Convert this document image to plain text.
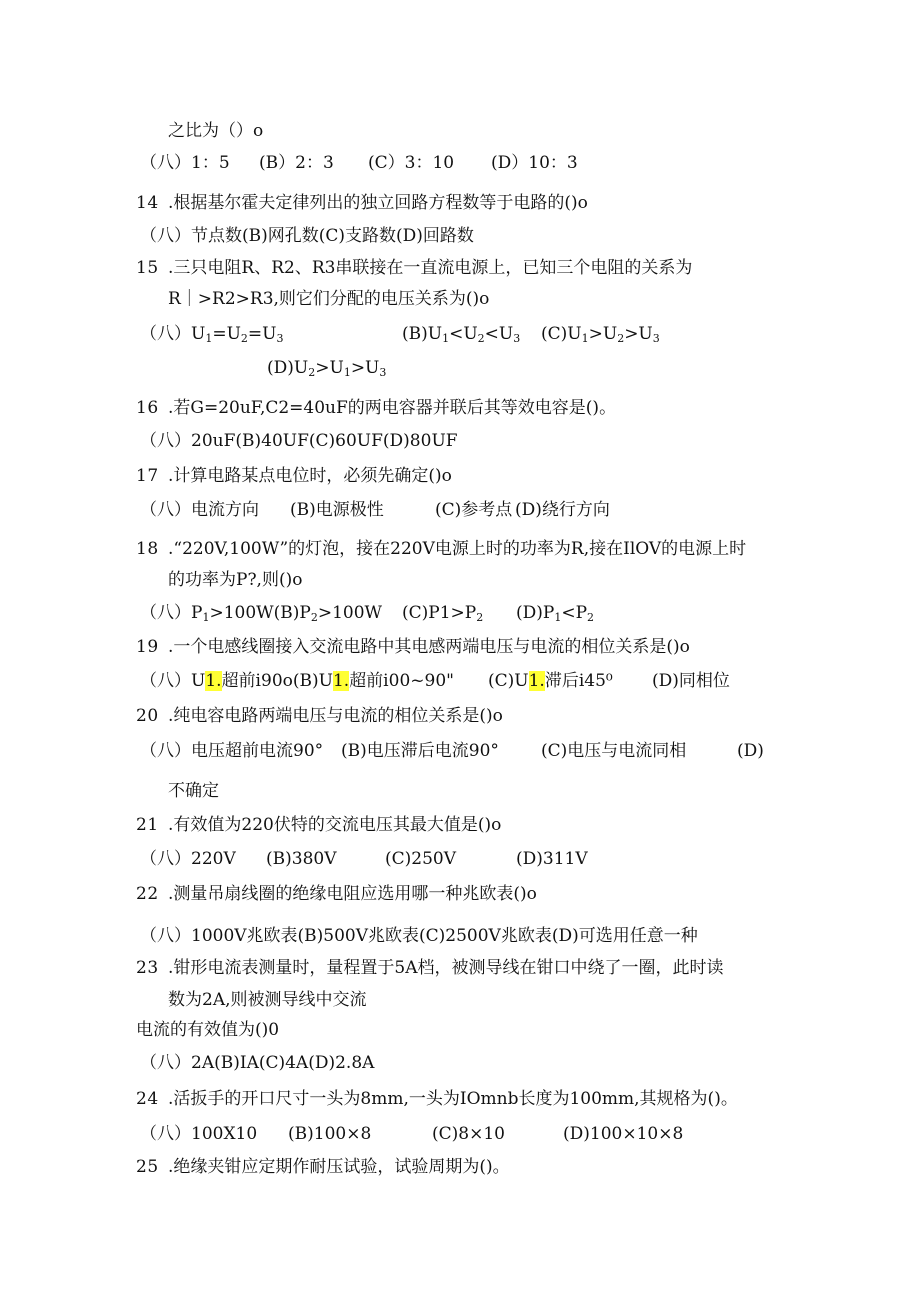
之比为（）o
（八）1：5 (B）2：3 (C）3：10 (D）10：3
14 .根据基尔霍夫定律列出的独立回路方程数等于电路的()o
（八）节点数(B)网孔数(C)支路数(D)回路数
15 .三只电阻R、R2、R3串联接在一直流电源上，已知三个电阻的关系为
R｜>R2>R3,则它们分配的电压关系为()o
（八）$U_1=U_2=U_3$	$(B)U_1<U_2<U_3$ $(C)U_1>U_2>U_3$
$(D)U_2>U_1>U_3$
16 .若G=20uF,C2=40uF的两电容器并联后其等效电容是()。
（八）20uF(B)40UF(C)60UF(D)80UF
17 .计算电路某点电位时，必须先确定()o
（八）电流方向 (B)电源极性	(C)参考点 (D)绕行方向
18 .“220V,100W”的灯泡，接在220V电源上时的功率为R,接在IlOV的电源上时
的功率为P?,则()o
（八）$P_1>100W(B)P_2>100W$ $(C)P1>P_2$ $(D)P_1<P_2$
19 .一个电感线圈接入交流电路中其电感两端电压与电流的相位关系是()o
（八）U1.超前i90o(B)U1.超前i00~90" (C)U1.滞后i45⁰ (D)同相位
20 .纯电容电路两端电压与电流的相位关系是()o
（八）电压超前电流90° (B)电压滞后电流90° (C)电压与电流同相	(D)
不确定
21 .有效值为220伏特的交流电压其最大值是()o
（八）220V (B)380V	(C)250V	(D)311V
22 .测量吊扇线圈的绝缘电阻应选用哪一种兆欧表()o
（八）1000V兆欧表(B)500V兆欧表(C)2500V兆欧表(D)可选用任意一种
23 .钳形电流表测量时，量程置于5A档，被测导线在钳口中绕了一圈，此时读
数为2A,则被测导线中交流
电流的有效值为()0
（八）2A(B)IA(C)4A(D)2.8A
24 .活扳手的开口尺寸一头为8mm,一头为IOmnb长度为100mm,其规格为()。
（八）100X10 (B)100×8	(C)8×10	(D)100×10×8
25 .绝缘夹钳应定期作耐压试验，试验周期为()。
